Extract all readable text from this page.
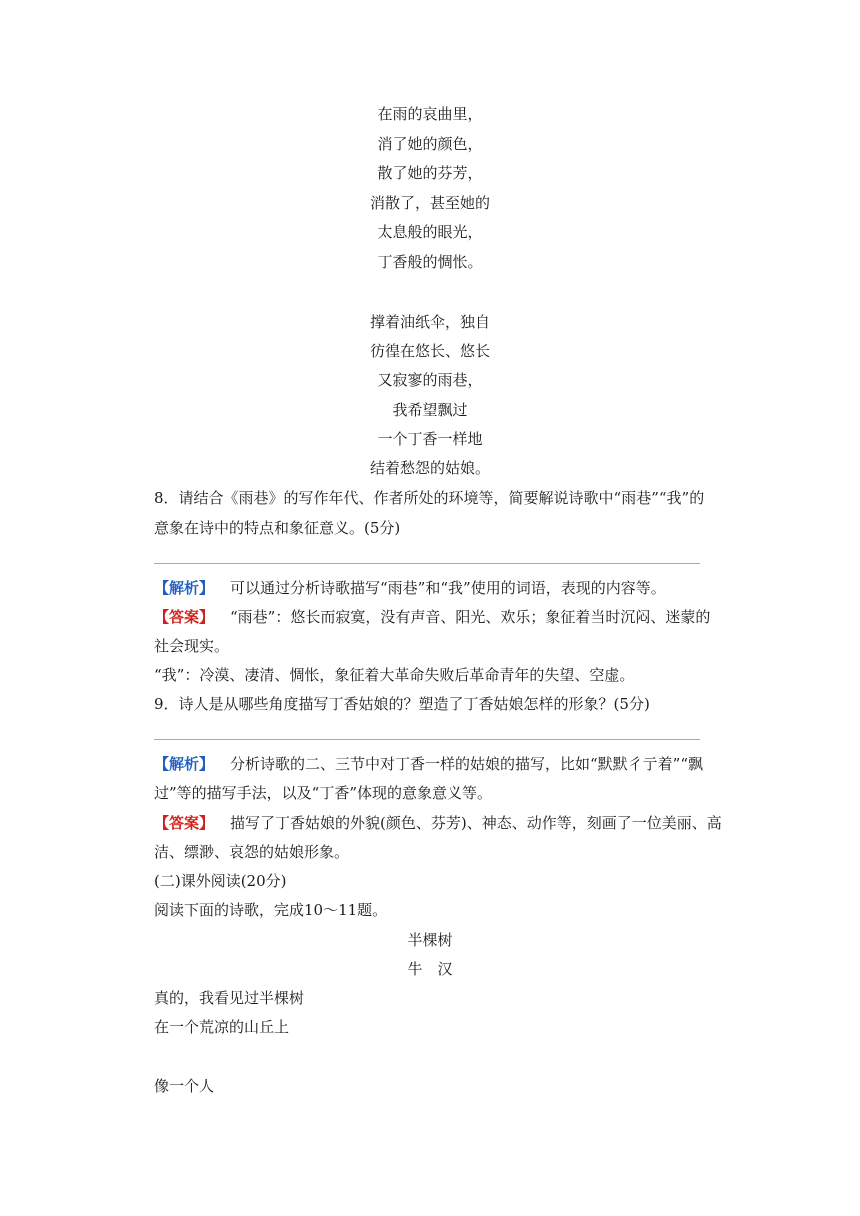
在雨的哀曲里，
消了她的颜色，
散了她的芬芳，
消散了，甚至她的
太息般的眼光，
丁香般的惆怅。
撑着油纸伞，独自
彷徨在悠长、悠长
又寂寥的雨巷，
我希望飘过
一个丁香一样地
结着愁怨的姑娘。
8．请结合《雨巷》的写作年代、作者所处的环境等，简要解说诗歌中“雨巷”“我”的
意象在诗中的特点和象征意义。(5分)
【解析】 可以通过分析诗歌描写“雨巷”和“我”使用的词语，表现的内容等。
【答案】 “雨巷”：悠长而寂寞，没有声音、阳光、欢乐；象征着当时沉闷、迷蒙的
社会现实。
“我”：冷漠、凄清、惆怅，象征着大革命失败后革命青年的失望、空虚。
9．诗人是从哪些角度描写丁香姑娘的？塑造了丁香姑娘怎样的形象？(5分)
【解析】 分析诗歌的二、三节中对丁香一样的姑娘的描写，比如“默默彳亍着”“飘
过”等的描写手法，以及“丁香”体现的意象意义等。
【答案】 描写了丁香姑娘的外貌(颜色、芬芳)、神态、动作等，刻画了一位美丽、高
洁、缥渺、哀怨的姑娘形象。
(二)课外阅读(20分)
阅读下面的诗歌，完成10～11题。
半棵树
牛　汉
真的，我看见过半棵树
在一个荒凉的山丘上
像一个人
